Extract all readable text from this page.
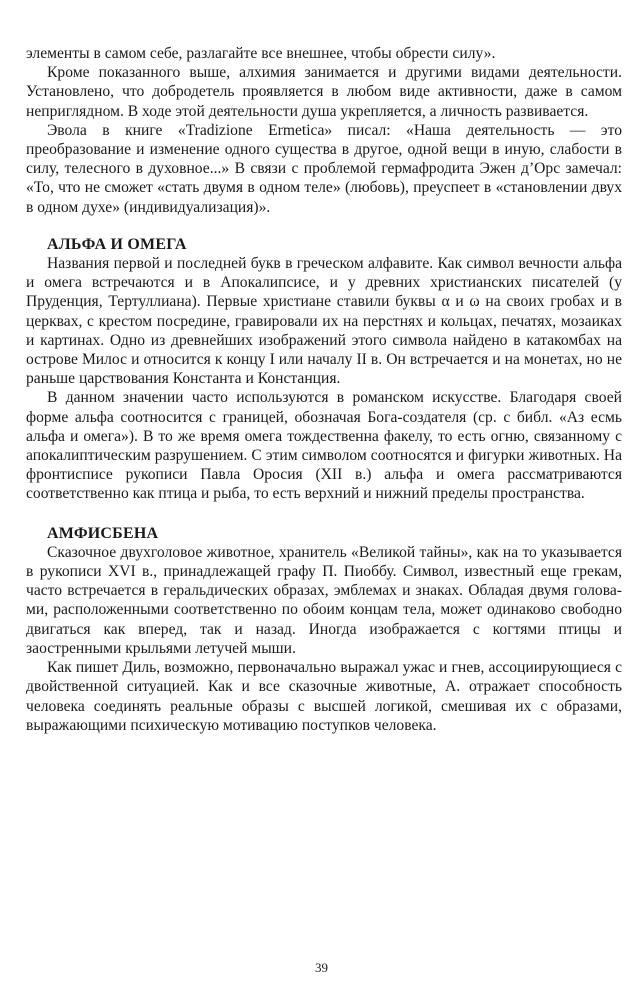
элементы в самом себе, разлагайте все внешнее, чтобы обрести силу».

Кроме показанного выше, алхимия занимается и другими видами деятельности. Установлено, что добродетель проявляется в любом виде активности, даже в самом неприглядном. В ходе этой деятельности душа укрепляется, а личность развивается.

Эвола в книге «Tradizione Ermetica» писал: «Наша деятельность — это преобразование и изменение одного существа в другое, одной вещи в иную, слабости в силу, телесного в духовное...» В связи с проблемой гермафродита Эжен д’Орс замечал: «То, что не сможет «стать двумя в одном теле» (любовь), преуспеет в «становлении двух в одном духе» (индивидуализация)».

АЛЬФА И ОМЕГА

Названия первой и последней букв в греческом алфавите. Как символ вечности альфа и омега встречаются и в Апокалипсисе, и у древних христианских писателей (у Пруденция, Тертуллиана). Первые христиане ставили буквы α и ω на своих гробах и в церквах, с крестом посредине, гравировали их на перстнях и кольцах, печатях, мозаиках и картинах. Одно из древнейших изображений этого символа найдено в катакомбах на острове Милос и относится к концу I или началу II в. Он встречается и на монетах, но не раньше царствования Константа и Констанция.

В данном значении часто используются в романском искусстве. Благодаря своей форме альфа соотносится с границей, обозначая Бога-создателя (ср. с библ. «Аз есмь альфа и омега»). В то же время омега тождественна факелу, то есть огню, связанному с апокалиптическим разрушением. С этим символом соотносятся и фигурки животных. На фронтисписе рукописи Павла Оросия (XII в.) альфа и омега рассматриваются соответственно как птица и рыба, то есть верхний и нижний пределы пространства.

АМФИСБЕНА

Сказочное двухголовое животное, хранитель «Великой тайны», как на то указывается в рукописи XVI в., принадлежащей графу П. Пиоббу. Символ, известный еще грекам, часто встречается в геральдических образах, эмблемах и знаках. Обладая двумя головами, расположенными соответственно по обоим концам тела, может одинаково свободно двигаться как вперед, так и назад. Иногда изображается с когтями птицы и заостренными крыльями летучей мыши.

Как пишет Диль, возможно, первоначально выражал ужас и гнев, ассоциирующиеся с двойственной ситуацией. Как и все сказочные животные, А. отражает способность человека соединять реальные образы с высшей логикой, смешивая их с образами, выражающими психическую мотивацию поступков человека.

39
